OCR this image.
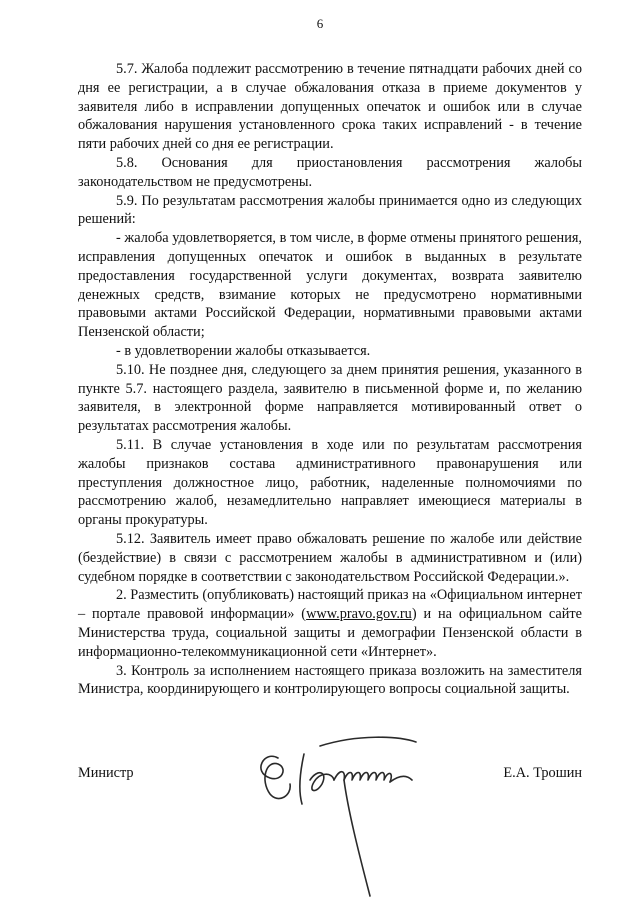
6

5.7. Жалоба подлежит рассмотрению в течение пятнадцати рабочих дней со дня ее регистрации, а в случае обжалования отказа в приеме документов у заявителя либо в исправлении допущенных опечаток и ошибок или в случае обжалования нарушения установленного срока таких исправлений - в течение пяти рабочих дней со дня ее регистрации.

5.8. Основания для приостановления рассмотрения жалобы законодательством не предусмотрены.

5.9. По результатам рассмотрения жалобы принимается одно из следующих решений:

- жалоба удовлетворяется, в том числе, в форме отмены принятого решения, исправления допущенных опечаток и ошибок в выданных в результате предоставления государственной услуги документах, возврата заявителю денежных средств, взимание которых не предусмотрено нормативными правовыми актами Российской Федерации, нормативными правовыми актами Пензенской области;

- в удовлетворении жалобы отказывается.

5.10. Не позднее дня, следующего за днем принятия решения, указанного в пункте 5.7. настоящего раздела, заявителю в письменной форме и, по желанию заявителя, в электронной форме направляется мотивированный ответ о результатах рассмотрения жалобы.

5.11. В случае установления в ходе или по результатам рассмотрения жалобы признаков состава административного правонарушения или преступления должностное лицо, работник, наделенные полномочиями по рассмотрению жалоб, незамедлительно направляет имеющиеся материалы в органы прокуратуры.

5.12. Заявитель имеет право обжаловать решение по жалобе или действие (бездействие) в связи с рассмотрением жалобы в административном и (или) судебном порядке в соответствии с законодательством Российской Федерации.».

2. Разместить (опубликовать) настоящий приказ на «Официальном интернет – портале правовой информации» (www.pravo.gov.ru) и на официальном сайте Министерства труда, социальной защиты и демографии Пензенской области в информационно-телекоммуникационной сети «Интернет».

3. Контроль за исполнением настоящего приказа возложить на заместителя Министра, координирующего и контролирующего вопросы социальной защиты.

Министр	Е.А. Трошин
